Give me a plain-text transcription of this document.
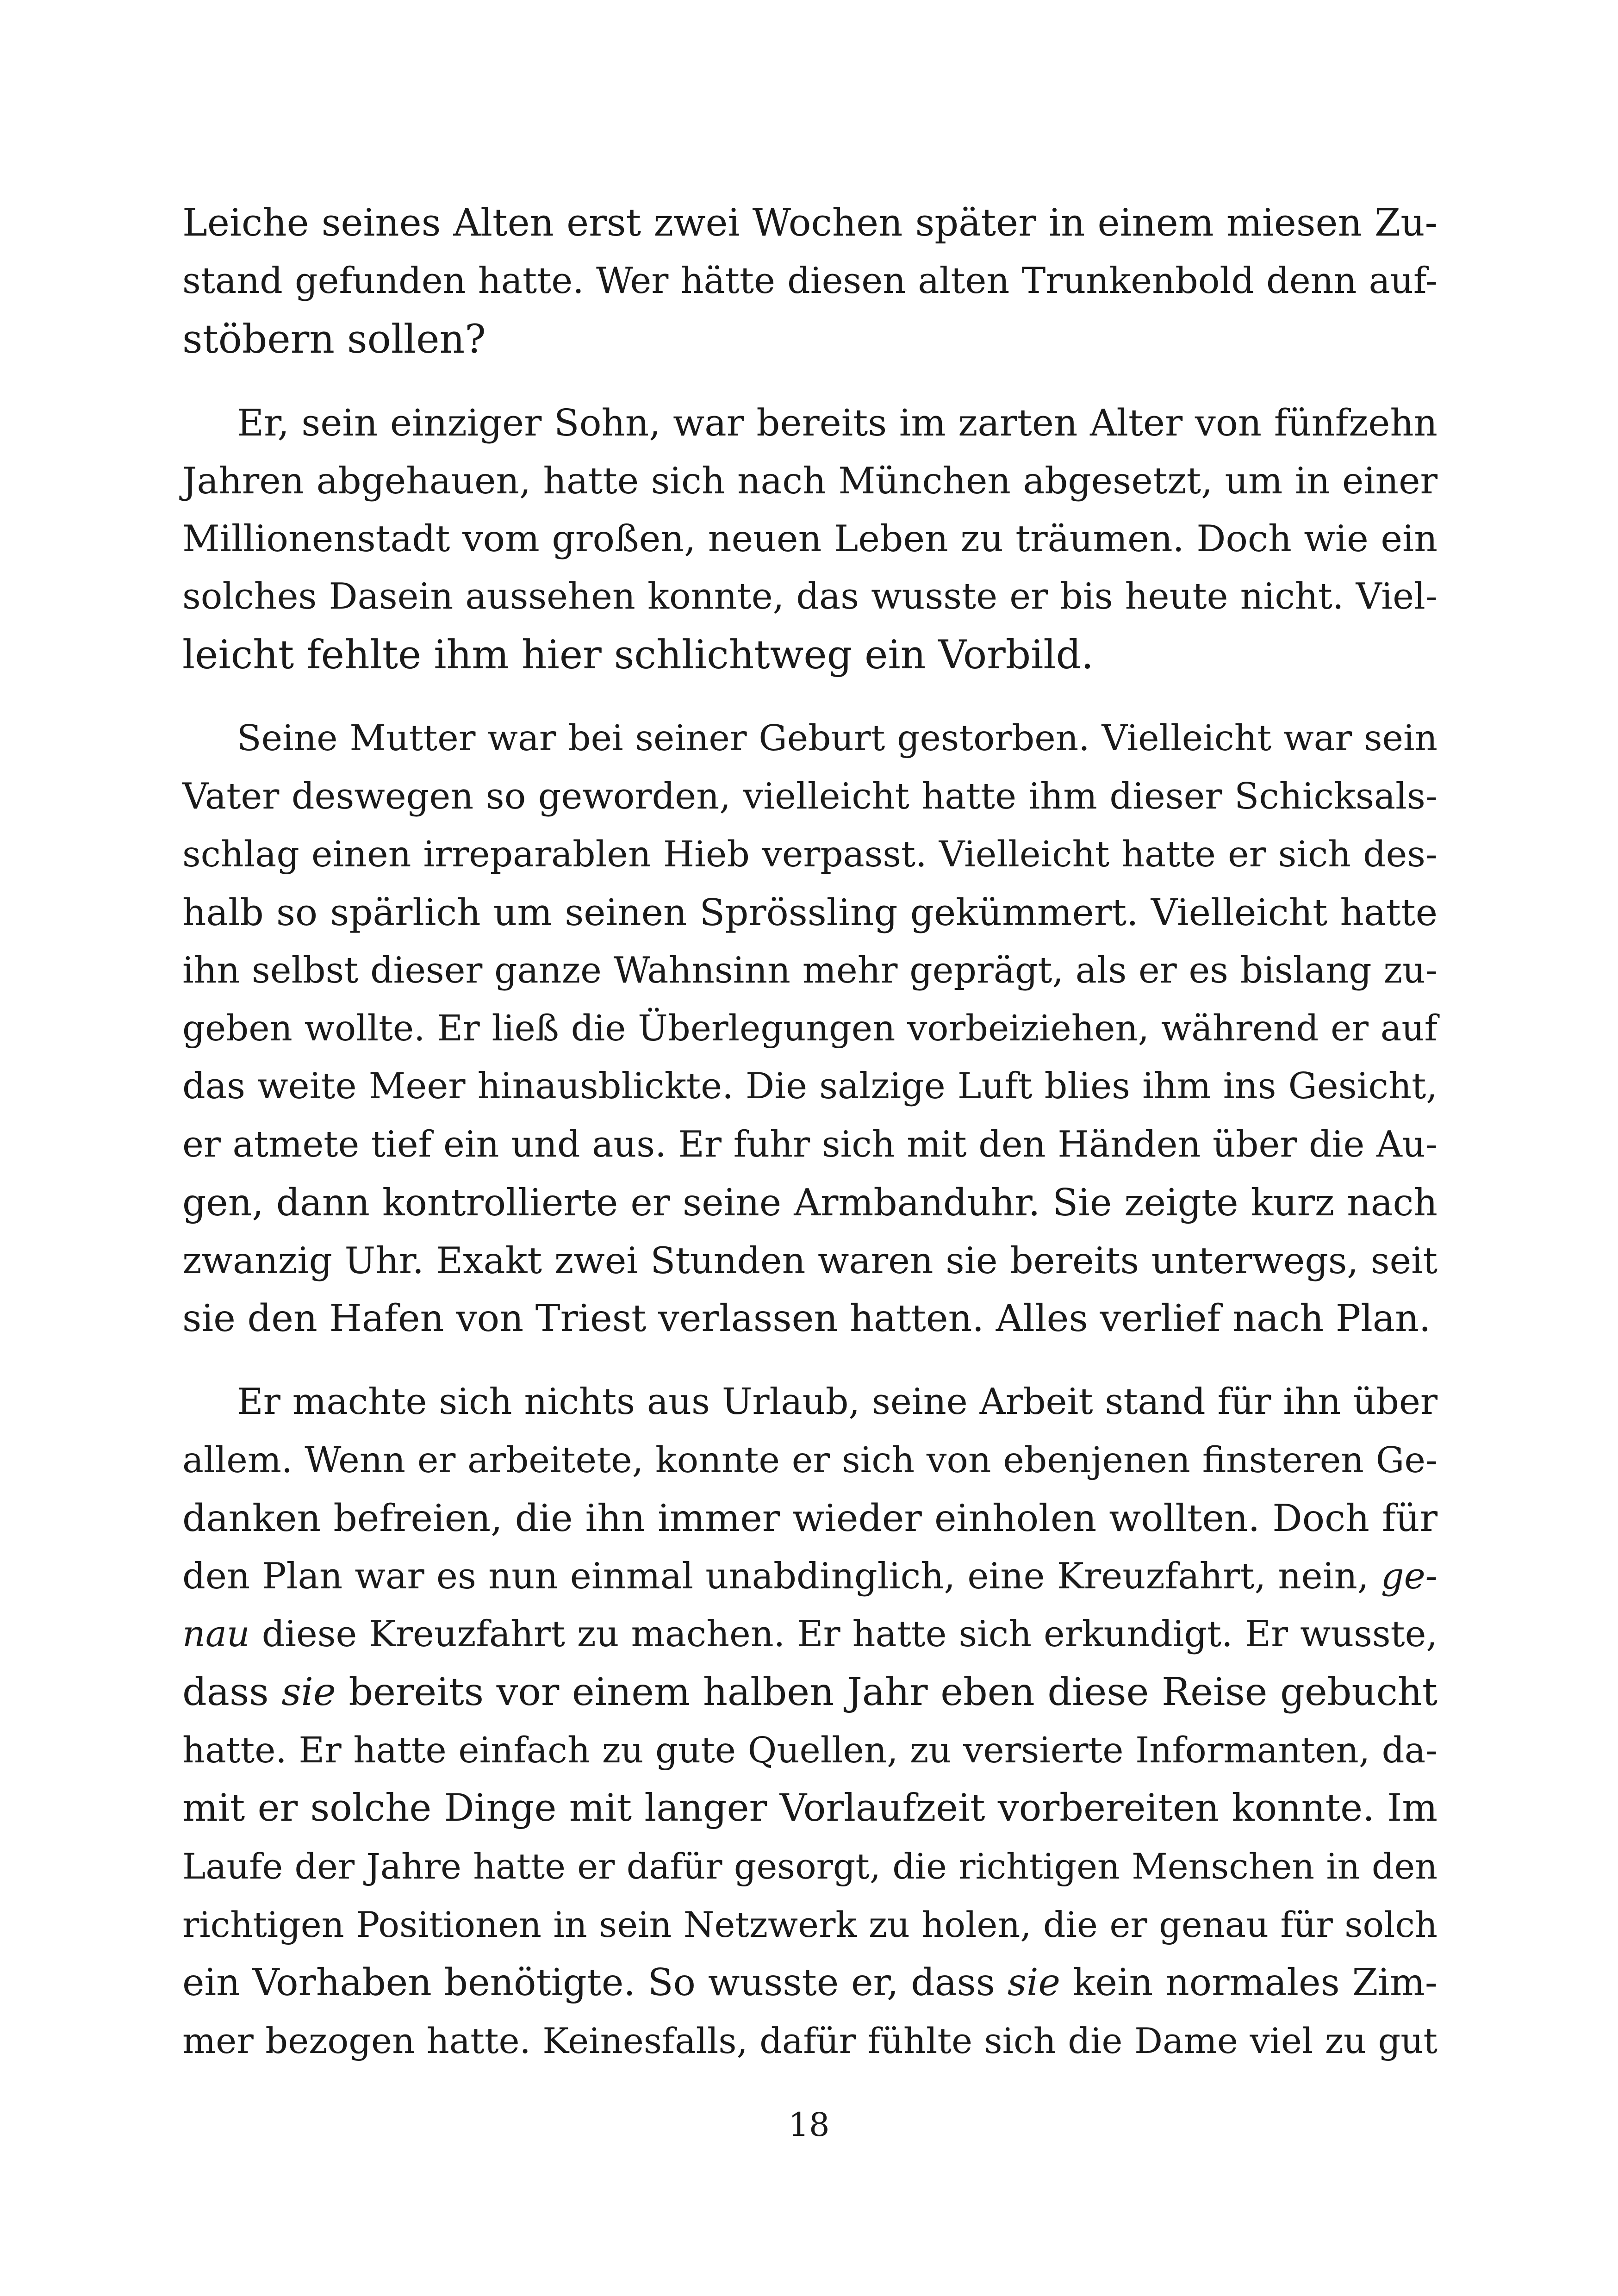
Leiche seines Alten erst zwei Wochen später in einem miesen Zu-
stand gefunden hatte. Wer hätte diesen alten Trunkenbold denn auf-
stöbern sollen?
Er, sein einziger Sohn, war bereits im zarten Alter von fünfzehn
Jahren abgehauen, hatte sich nach München abgesetzt, um in einer
Millionenstadt vom großen, neuen Leben zu träumen. Doch wie ein
solches Dasein aussehen konnte, das wusste er bis heute nicht. Viel-
leicht fehlte ihm hier schlichtweg ein Vorbild.
Seine Mutter war bei seiner Geburt gestorben. Vielleicht war sein
Vater deswegen so geworden, vielleicht hatte ihm dieser Schicksals-
schlag einen irreparablen Hieb verpasst. Vielleicht hatte er sich des-
halb so spärlich um seinen Sprössling gekümmert. Vielleicht hatte
ihn selbst dieser ganze Wahnsinn mehr geprägt, als er es bislang zu-
geben wollte. Er ließ die Überlegungen vorbeiziehen, während er auf
das weite Meer hinausblickte. Die salzige Luft blies ihm ins Gesicht,
er atmete tief ein und aus. Er fuhr sich mit den Händen über die Au-
gen, dann kontrollierte er seine Armbanduhr. Sie zeigte kurz nach
zwanzig Uhr. Exakt zwei Stunden waren sie bereits unterwegs, seit
sie den Hafen von Triest verlassen hatten. Alles verlief nach Plan.
Er machte sich nichts aus Urlaub, seine Arbeit stand für ihn über
allem. Wenn er arbeitete, konnte er sich von ebenjenen finsteren Ge-
danken befreien, die ihn immer wieder einholen wollten. Doch für
den Plan war es nun einmal unabdinglich, eine Kreuzfahrt, nein, ge-
nau diese Kreuzfahrt zu machen. Er hatte sich erkundigt. Er wusste,
dass sie bereits vor einem halben Jahr eben diese Reise gebucht
hatte. Er hatte einfach zu gute Quellen, zu versierte Informanten, da-
mit er solche Dinge mit langer Vorlaufzeit vorbereiten konnte. Im
Laufe der Jahre hatte er dafür gesorgt, die richtigen Menschen in den
richtigen Positionen in sein Netzwerk zu holen, die er genau für solch
ein Vorhaben benötigte. So wusste er, dass sie kein normales Zim-
mer bezogen hatte. Keinesfalls, dafür fühlte sich die Dame viel zu gut
18
